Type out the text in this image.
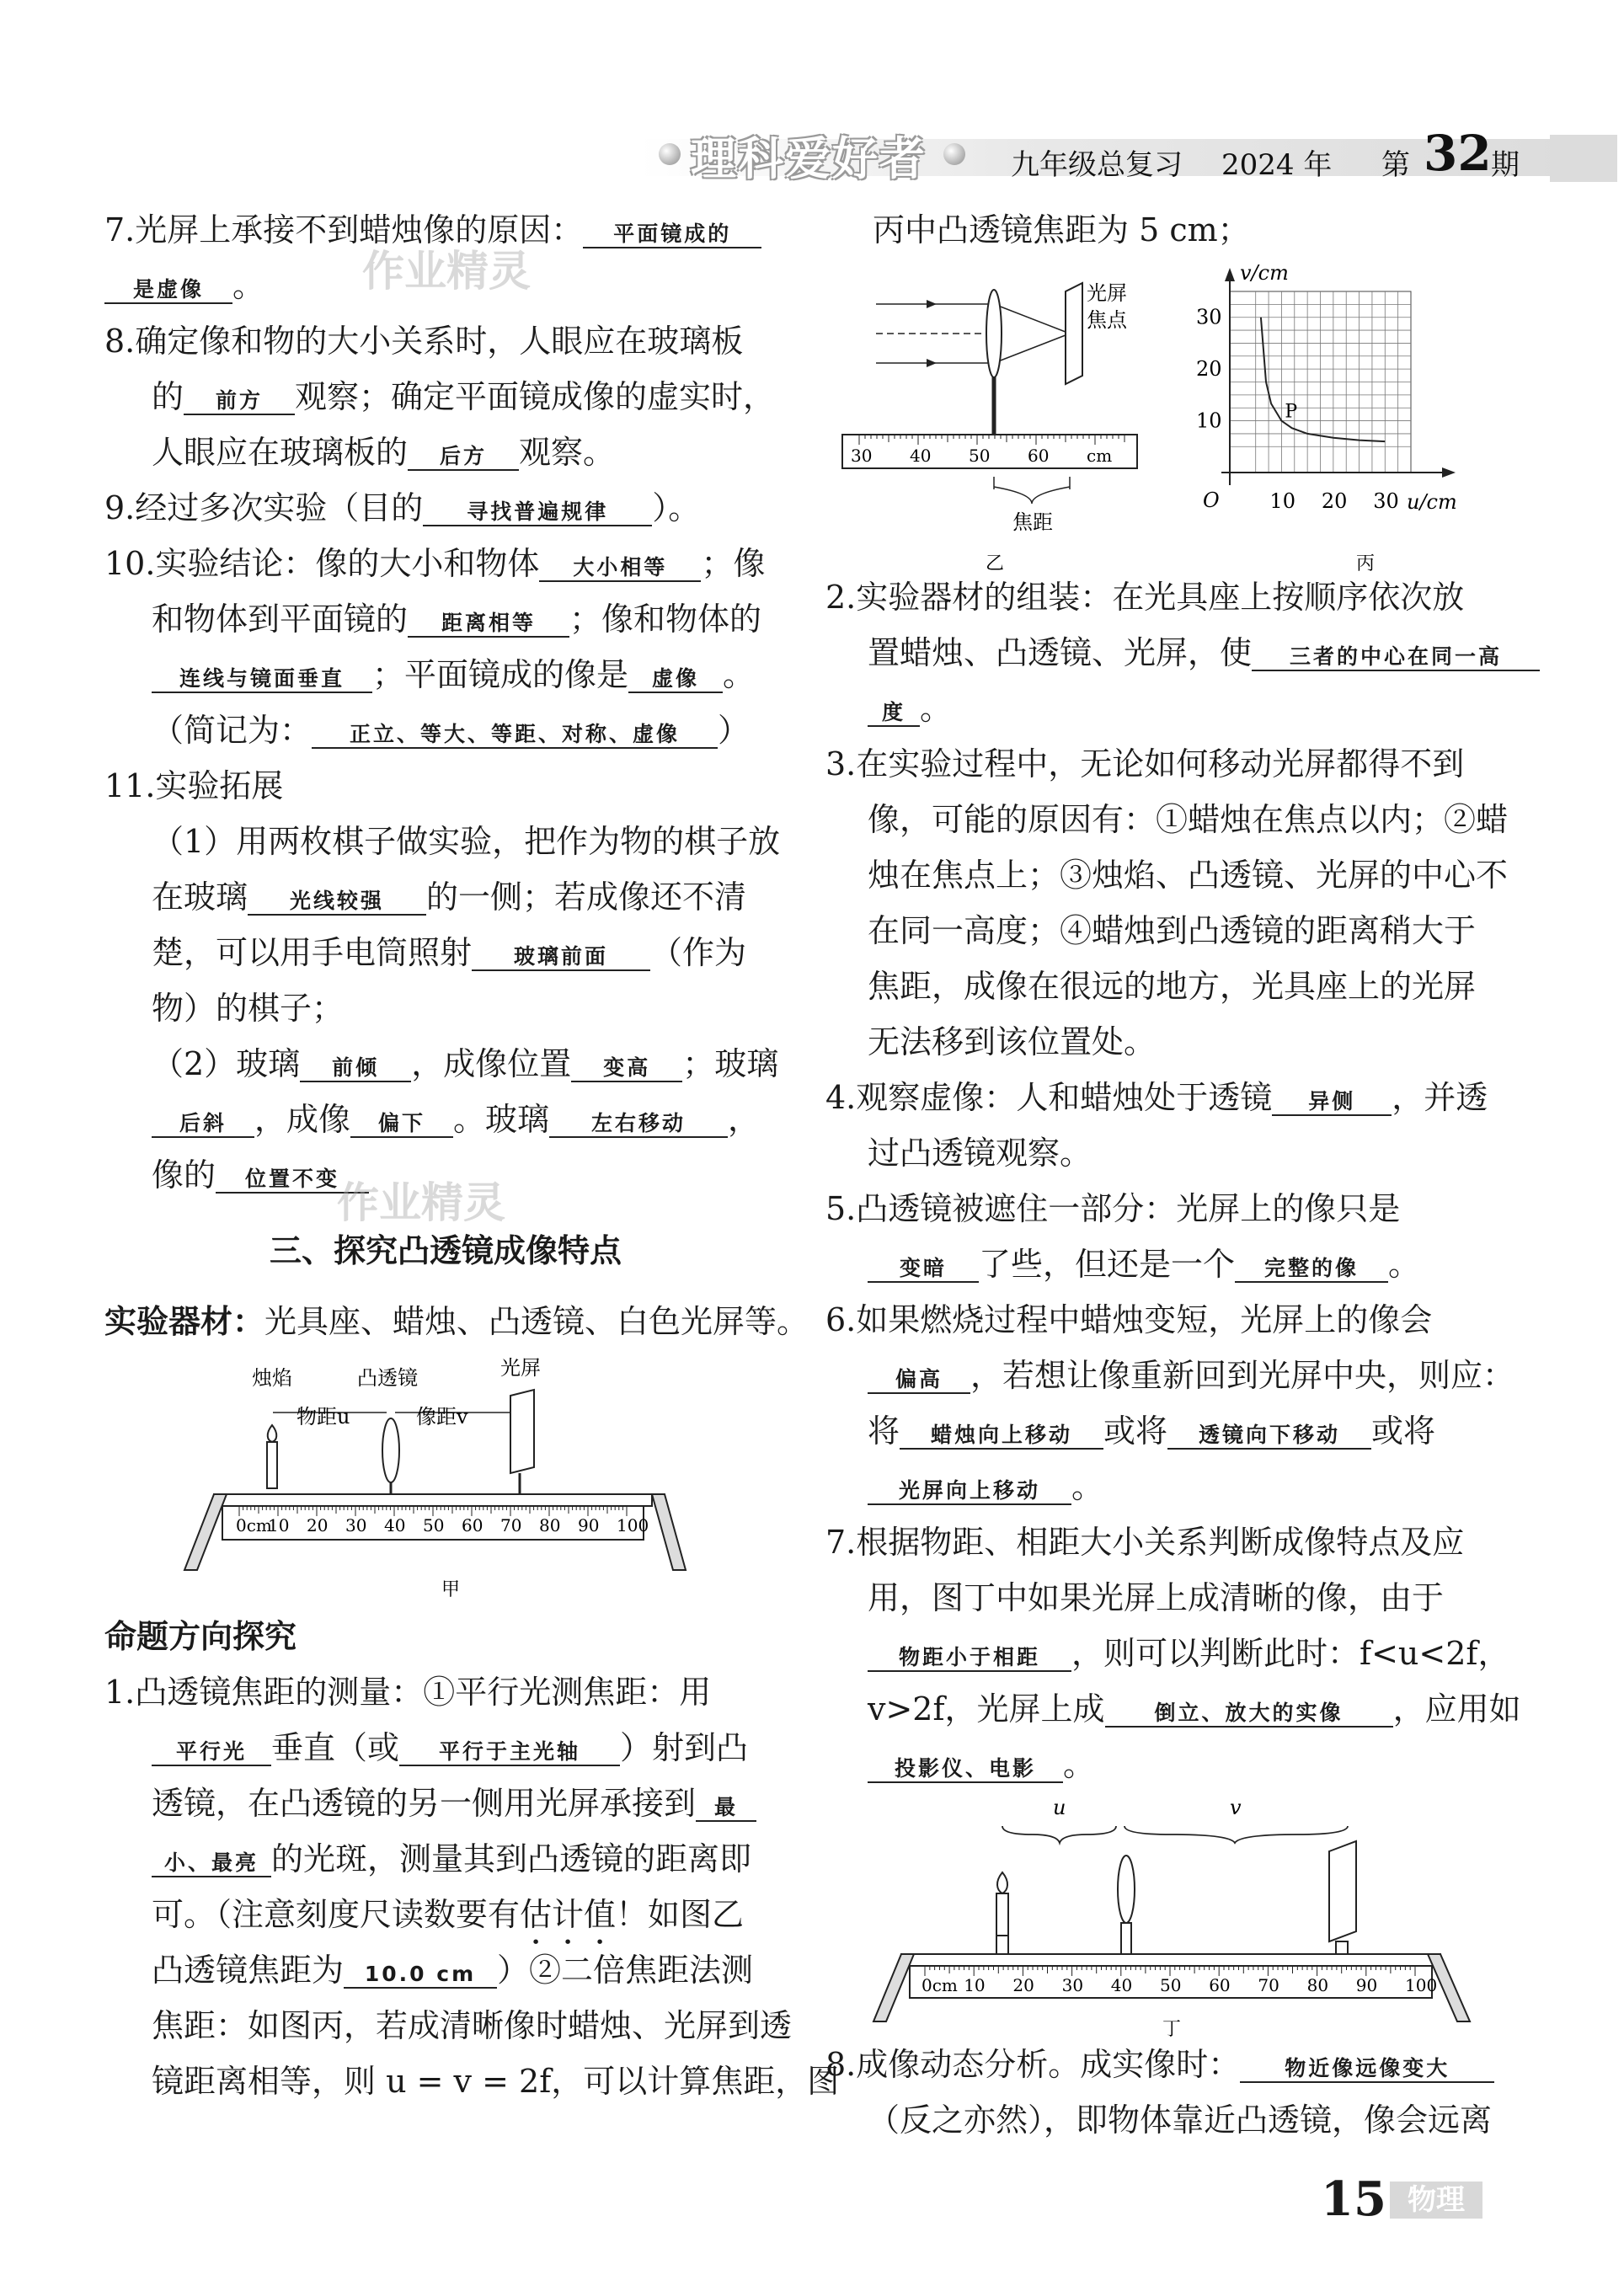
理科爱好者	九年级总复习 2024 年 第 32 期
7.光屏上承接不到蜡烛像的原因： 平面镜成的
是虚像 。
8.确定像和物的大小关系时，人眼应在玻璃板
的 前方 观察；确定平面镜成像的虚实时，
人眼应在玻璃板的 后方 观察。
9.经过多次实验（目的 寻找普遍规律 ）。
10.实验结论：像的大小和物体 大小相等 ；像
和物体到平面镜的 距离相等 ；像和物体的
连线与镜面垂直 ；平面镜成的像是 虚像 。
（简记为： 正立、等大、等距、对称、虚像 ）
11.实验拓展
（1）用两枚棋子做实验，把作为物的棋子放
在玻璃 光线较强 的一侧；若成像还不清
楚，可以用手电筒照射 玻璃前面 （作为
物）的棋子；
（2）玻璃 前倾 ，成像位置 变高 ；玻璃
后斜 ，成像 偏下 。玻璃 左右移动 ，
像的 位置不变
三、探究凸透镜成像特点
实验器材：光具座、蜡烛、凸透镜、白色光屏等。
烛焰	凸透镜	光屏
物距u	像距v
0cm
10 20 30 40 50 60 70 80 90 100
甲
命题方向探究
1.凸透镜焦距的测量：①平行光测焦距：用
平行光 垂直（或 平行于主光轴 ）射到凸
透镜，在凸透镜的另一侧用光屏承接到 最
小、最亮 的光斑，测量其到凸透镜的距离即
可。（注意刻度尺读数要有估计值！如图乙
凸透镜焦距为 10.0 cm ）②二倍焦距法测
焦距：如图丙，若成清晰像时蜡烛、光屏到透
镜距离相等，则 u = v = 2f，可以计算焦距，图
丙中凸透镜焦距为 5 cm；
光屏
焦点
30 40 50 60 cm
焦距
乙
v/cm
u/cm
O
30
20
10
10 20 30
P
丙
2.实验器材的组装：在光具座上按顺序依次放
置蜡烛、凸透镜、光屏，使 三者的中心在同一高
度 。
3.在实验过程中，无论如何移动光屏都得不到
像，可能的原因有：①蜡烛在焦点以内；②蜡
烛在焦点上；③烛焰、凸透镜、光屏的中心不
在同一高度；④蜡烛到凸透镜的距离稍大于
焦距，成像在很远的地方，光具座上的光屏
无法移到该位置处。
4.观察虚像：人和蜡烛处于透镜 异侧 ，并透
过凸透镜观察。
5.凸透镜被遮住一部分：光屏上的像只是
变暗 了些，但还是一个 完整的像 。
6.如果燃烧过程中蜡烛变短，光屏上的像会
偏高 ，若想让像重新回到光屏中央，则应：
将 蜡烛向上移动 或将 透镜向下移动 或将
光屏向上移动 。
7.根据物距、相距大小关系判断成像特点及应
用，图丁中如果光屏上成清晰的像，由于
物距小于相距 ，则可以判断此时：f<u<2f，
v>2f，光屏上成 倒立、放大的实像 ，应用如
投影仪、电影 。
u	v
0cm 10 20 30 40 50 60 70 80 90 100
丁
8.成像动态分析。成实像时： 物近像远像变大
（反之亦然），即物体靠近凸透镜，像会远离
作业精灵
作业精灵
15 物理
